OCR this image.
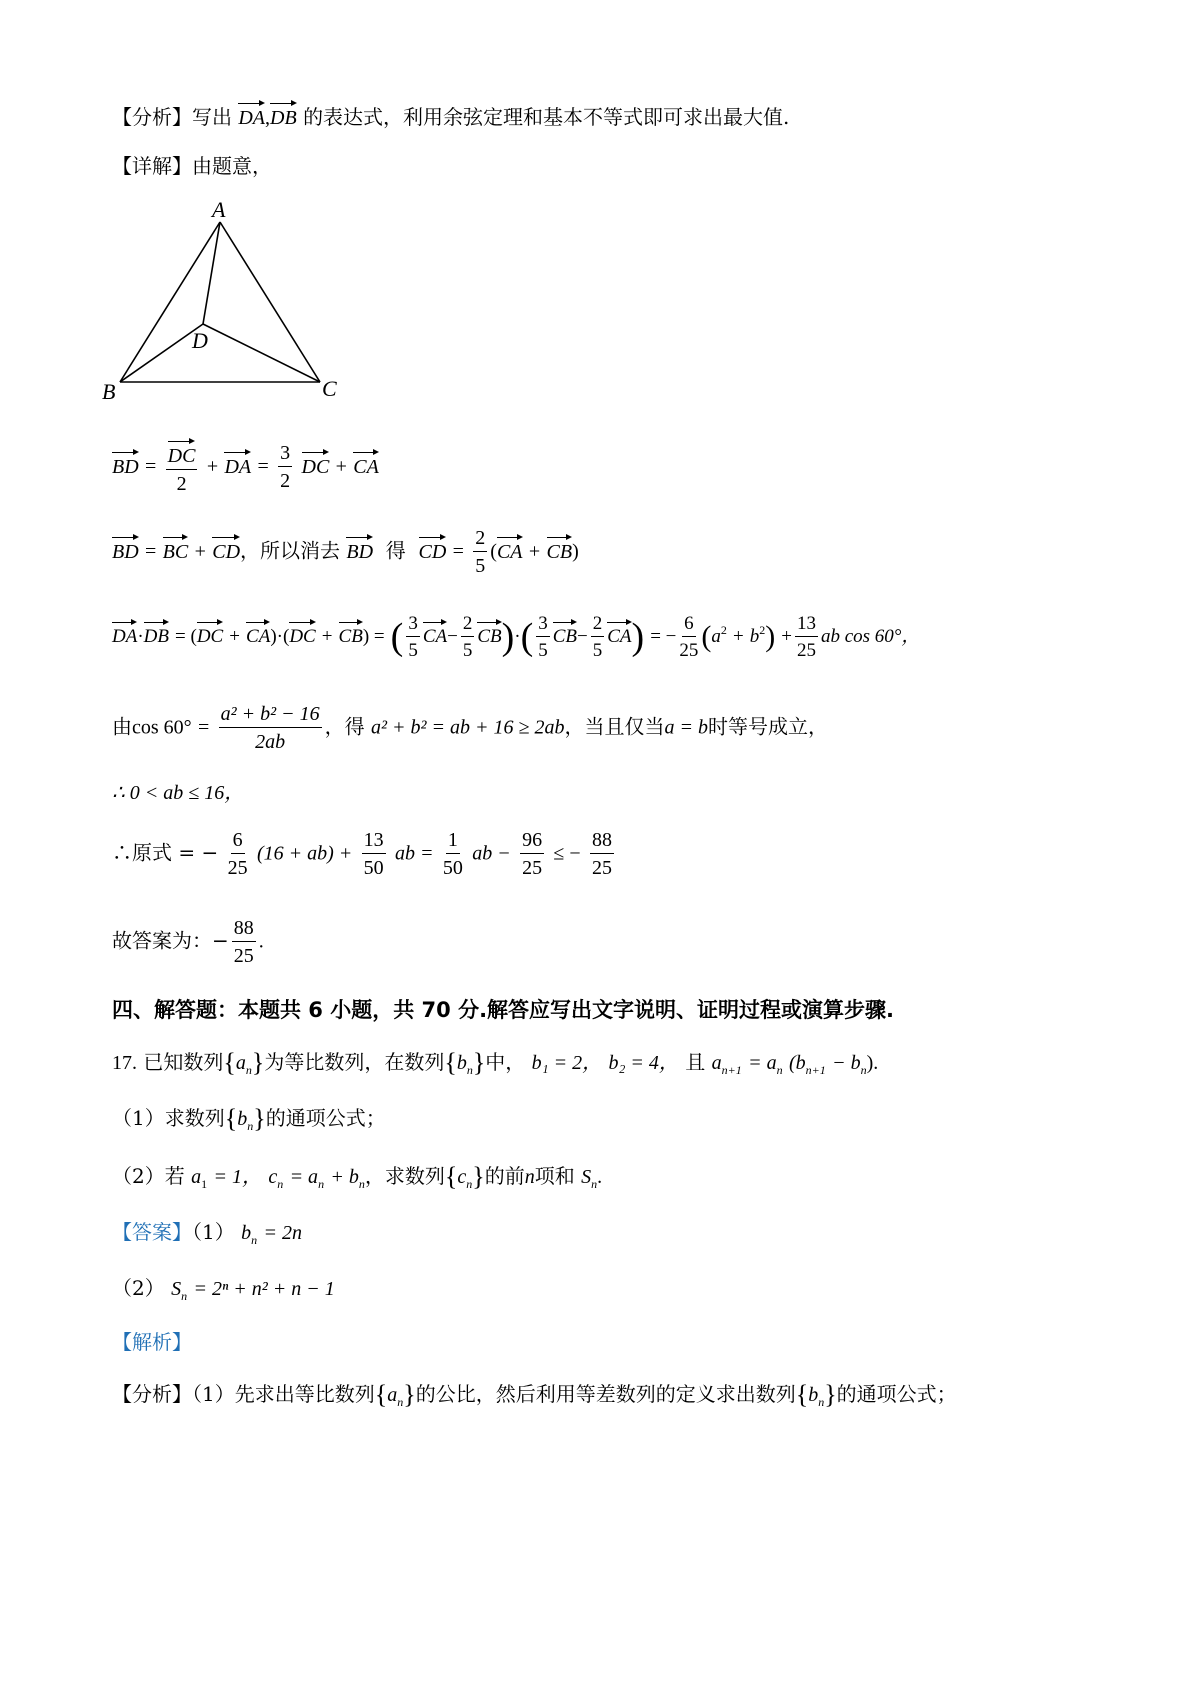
【分析】写出 DA,DB 的表达式，利用余弦定理和基本不等式即可求出最大值.
【详解】由题意，
A
D
B	C
BD = $\frac{DC}{2}$ + DA = $\frac{3}{2}$ DC + CA
BD = BC + CD，所以消去 BD 得 CD = $\frac{2}{5} (CA + CB)$
DA·DB = (DC + CA)·(DC + CB) = ( $\frac{3}{5} CA- \frac{2}{5} CB)\cdot( \frac{3}{5} CB- \frac{2}{5} CA)$ = − $\frac{6}{25} (a^2 + b^2) + \frac{13}{25}$ ab cos 60°，
由$\cos 60^\circ = \frac{\text{a² + b² − 16}}{2ab}$ ，得 a² + b² = ab + 16 ≥ 2ab，当且仅当a = b时等号成立，
∴ 0 < ab ≤ 16，
∴原式 = − $\frac{6}{25} (16 + ab) + \frac{13}{50}$ ab = $\frac{1}{50}$ ab − $\frac{96}{25}$ ≤ − $\frac{88}{25}$
故答案为：− $\frac{88}{25}$ .
四、解答题：本题共 6 小题，共 70 分.解答应写出文字说明、证明过程或演算步骤.
17. 已知数列$\{a_n\}$为等比数列，在数列$\{b_n\}$中， b₁ = 2， b₂ = 4， 且 $a_{n+1} = a_n$ $(b_{n+1} - b_n)$.
（1）求数列$\{b_n\}$的通项公式；
（2）若 $a_1 = 1$， $c_n = a_n + b_n$，求数列$\{c_n\}$的前n项和 $S_n$.
【答案】（1） $b_n = 2n$
（2） $S_n = 2^n + n^2 + n - 1$
【解析】
【分析】（1）先求出等比数列$\{a_n\}$的公比，然后利用等差数列的定义求出数列$\{b_n\}$的通项公式；
